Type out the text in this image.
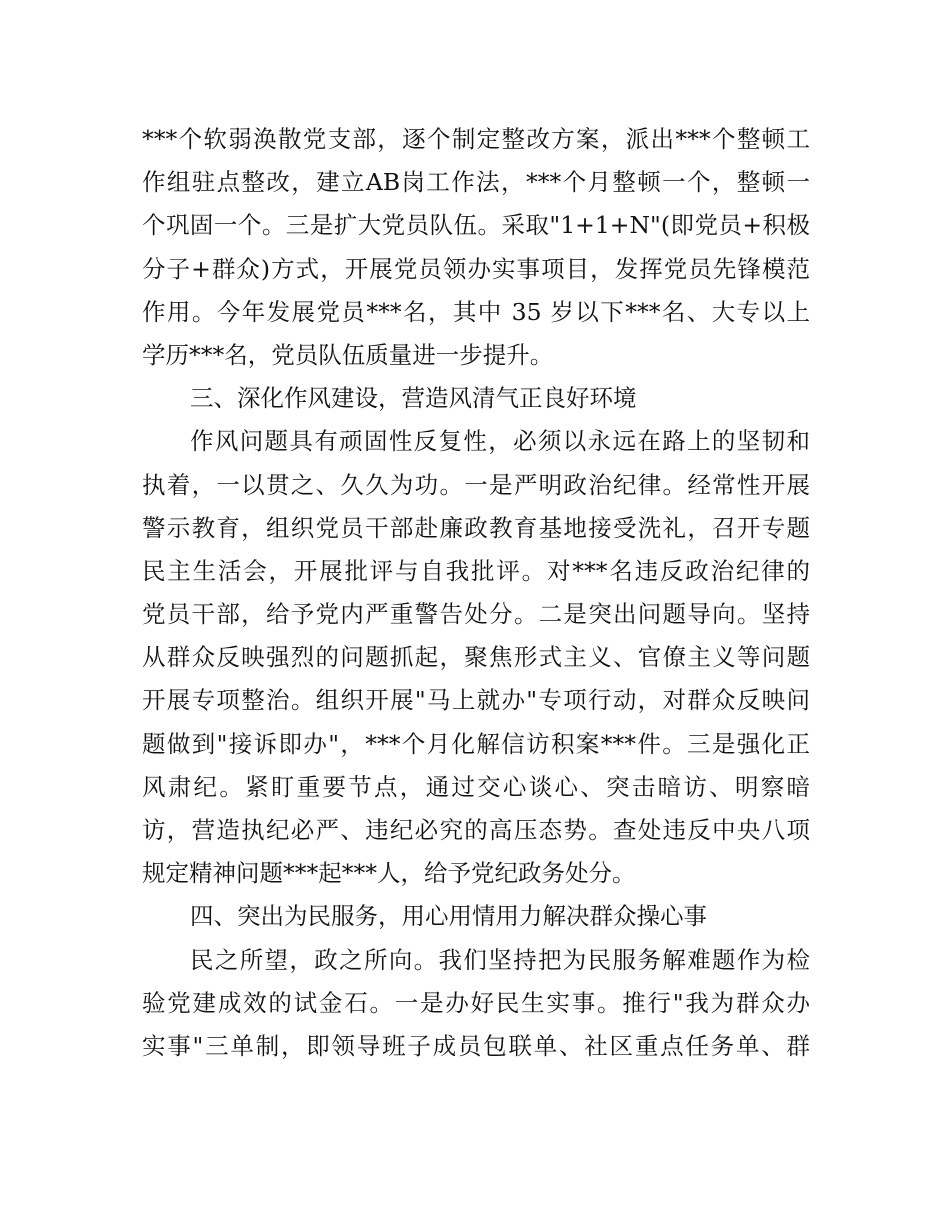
***个软弱涣散党支部，逐个制定整改方案，派出***个整顿工
作组驻点整改，建立AB岗工作法，***个月整顿一个，整顿一
个巩固一个。三是扩大党员队伍。采取"1+1+N"(即党员+积极
分子+群众)方式，开展党员领办实事项目，发挥党员先锋模范
作用。今年发展党员***名，其中 35 岁以下***名、大专以上
学历***名，党员队伍质量进一步提升。
三、深化作风建设，营造风清气正良好环境
作风问题具有顽固性反复性，必须以永远在路上的坚韧和
执着，一以贯之、久久为功。一是严明政治纪律。经常性开展
警示教育，组织党员干部赴廉政教育基地接受洗礼，召开专题
民主生活会，开展批评与自我批评。对***名违反政治纪律的
党员干部，给予党内严重警告处分。二是突出问题导向。坚持
从群众反映强烈的问题抓起，聚焦形式主义、官僚主义等问题
开展专项整治。组织开展"马上就办"专项行动，对群众反映问
题做到"接诉即办"，***个月化解信访积案***件。三是强化正
风肃纪。紧盯重要节点，通过交心谈心、突击暗访、明察暗
访，营造执纪必严、违纪必究的高压态势。查处违反中央八项
规定精神问题***起***人，给予党纪政务处分。
四、突出为民服务，用心用情用力解决群众操心事
民之所望，政之所向。我们坚持把为民服务解难题作为检
验党建成效的试金石。一是办好民生实事。推行"我为群众办
实事"三单制，即领导班子成员包联单、社区重点任务单、群
